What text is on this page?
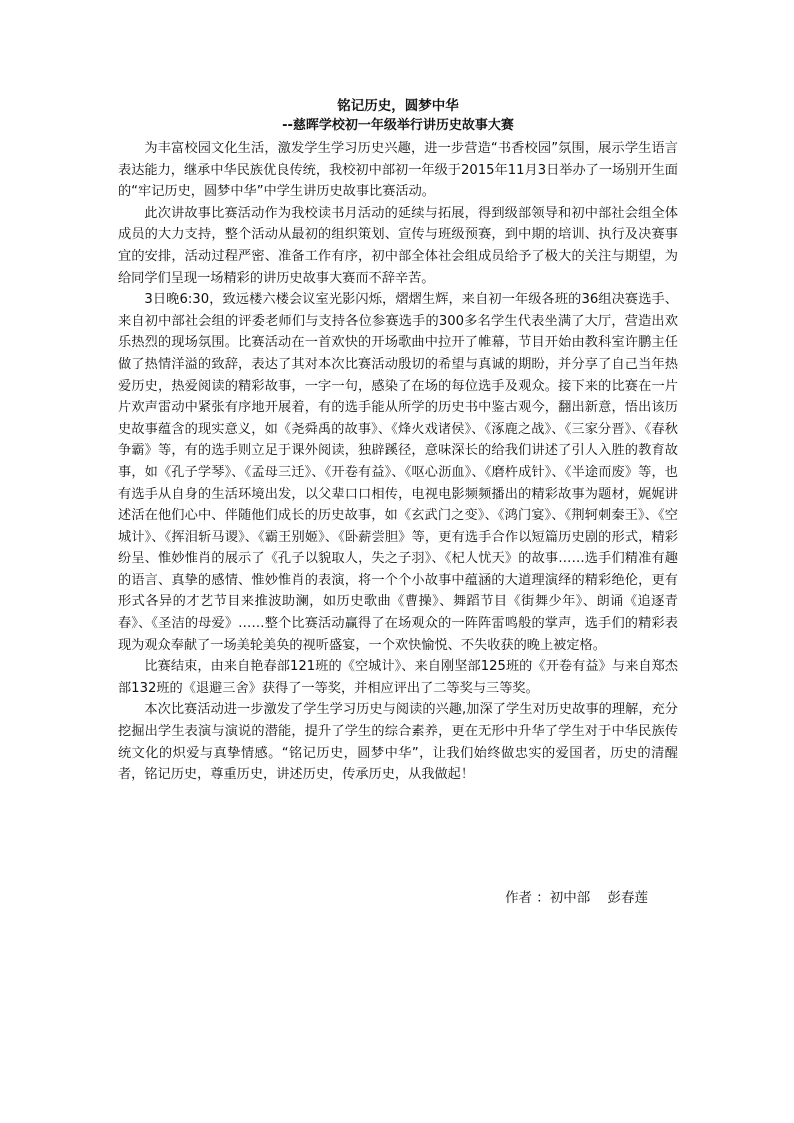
铭记历史，圆梦中华
--慈晖学校初一年级举行讲历史故事大赛

为丰富校园文化生活，激发学生学习历史兴趣，进一步营造“书香校园”氛围，展示学生语言表达能力，继承中华民族优良传统，我校初中部初一年级于2015年11月3日举办了一场别开生面的“牢记历史，圆梦中华”中学生讲历史故事比赛活动。

此次讲故事比赛活动作为我校读书月活动的延续与拓展，得到级部领导和初中部社会组全体成员的大力支持，整个活动从最初的组织策划、宣传与班级预赛，到中期的培训、执行及决赛事宜的安排，活动过程严密、准备工作有序，初中部全体社会组成员给予了极大的关注与期望，为给同学们呈现一场精彩的讲历史故事大赛而不辞辛苦。

3日晚6:30，致远楼六楼会议室光影闪烁，熠熠生辉，来自初一年级各班的36组决赛选手、来自初中部社会组的评委老师们与支持各位参赛选手的300多名学生代表坐满了大厅，营造出欢乐热烈的现场氛围。比赛活动在一首欢快的开场歌曲中拉开了帷幕，节目开始由教科室许鹏主任做了热情洋溢的致辞，表达了其对本次比赛活动殷切的希望与真诚的期盼，并分享了自己当年热爱历史，热爱阅读的精彩故事，一字一句，感染了在场的每位选手及观众。接下来的比赛在一片片欢声雷动中紧张有序地开展着，有的选手能从所学的历史书中鉴古观今，翻出新意，悟出该历史故事蕴含的现实意义，如《尧舜禹的故事》、《烽火戏诸侯》、《涿鹿之战》、《三家分晋》、《春秋争霸》等，有的选手则立足于课外阅读，独辟蹊径，意味深长的给我们讲述了引人入胜的教育故事，如《孔子学琴》、《孟母三迁》、《开卷有益》、《呕心沥血》、《磨杵成针》、《半途而废》等，也有选手从自身的生活环境出发，以父辈口口相传，电视电影频频播出的精彩故事为题材，娓娓讲述活在他们心中、伴随他们成长的历史故事，如《玄武门之变》、《鸿门宴》、《荆轲刺秦王》、《空城计》、《挥泪斩马谡》、《霸王别姬》、《卧薪尝胆》等，更有选手合作以短篇历史剧的形式，精彩纷呈、惟妙惟肖的展示了《孔子以貌取人，失之子羽》、《杞人忧天》的故事……选手们精准有趣的语言、真挚的感情、惟妙惟肖的表演，将一个个小故事中蕴涵的大道理演绎的精彩绝伦，更有形式各异的才艺节目来推波助澜，如历史歌曲《曹操》、舞蹈节目《街舞少年》、朗诵《追逐青春》、《圣洁的母爱》……整个比赛活动赢得了在场观众的一阵阵雷鸣般的掌声，选手们的精彩表现为观众奉献了一场美轮美奂的视听盛宴，一个欢快愉悦、不失收获的晚上被定格。

比赛结束，由来自艳春部121班的《空城计》、来自刚坚部125班的《开卷有益》与来自郑杰部132班的《退避三舍》获得了一等奖，并相应评出了二等奖与三等奖。

本次比赛活动进一步激发了学生学习历史与阅读的兴趣,加深了学生对历史故事的理解，充分挖掘出学生表演与演说的潜能，提升了学生的综合素养，更在无形中升华了学生对于中华民族传统文化的炽爱与真挚情感。“铭记历史，圆梦中华”，让我们始终做忠实的爱国者，历史的清醒者，铭记历史，尊重历史，讲述历史，传承历史，从我做起！

作者 ：初中部    彭春莲
